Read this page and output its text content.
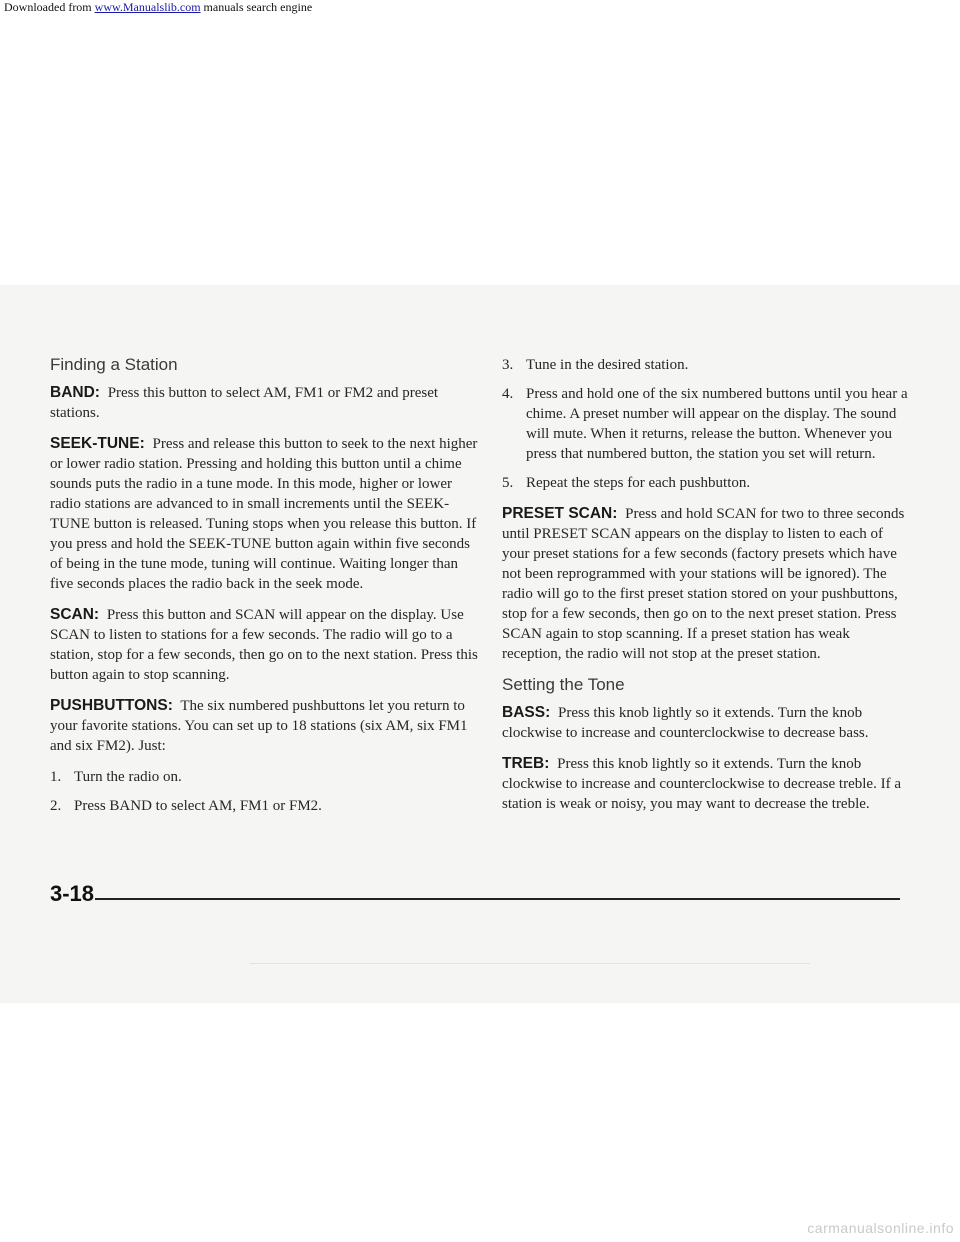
Downloaded from www.Manualslib.com manuals search engine
Finding a Station

BAND: Press this button to select AM, FM1 or FM2 and preset stations.

SEEK-TUNE: Press and release this button to seek to the next higher or lower radio station. Pressing and holding this button until a chime sounds puts the radio in a tune mode. In this mode, higher or lower radio stations are advanced to in small increments until the SEEK-TUNE button is released. Tuning stops when you release this button. If you press and hold the SEEK-TUNE button again within five seconds of being in the tune mode, tuning will continue. Waiting longer than five seconds places the radio back in the seek mode.

SCAN: Press this button and SCAN will appear on the display. Use SCAN to listen to stations for a few seconds. The radio will go to a station, stop for a few seconds, then go on to the next station. Press this button again to stop scanning.

PUSHBUTTONS: The six numbered pushbuttons let you return to your favorite stations. You can set up to 18 stations (six AM, six FM1 and six FM2). Just:

1. Turn the radio on.
2. Press BAND to select AM, FM1 or FM2.
3. Tune in the desired station.
4. Press and hold one of the six numbered buttons until you hear a chime. A preset number will appear on the display. The sound will mute. When it returns, release the button. Whenever you press that numbered button, the station you set will return.
5. Repeat the steps for each pushbutton.

PRESET SCAN: Press and hold SCAN for two to three seconds until PRESET SCAN appears on the display to listen to each of your preset stations for a few seconds (factory presets which have not been reprogrammed with your stations will be ignored). The radio will go to the first preset station stored on your pushbuttons, stop for a few seconds, then go on to the next preset station. Press SCAN again to stop scanning. If a preset station has weak reception, the radio will not stop at the preset station.

Setting the Tone

BASS: Press this knob lightly so it extends. Turn the knob clockwise to increase and counterclockwise to decrease bass.

TREB: Press this knob lightly so it extends. Turn the knob clockwise to increase and counterclockwise to decrease treble. If a station is weak or noisy, you may want to decrease the treble.

3-18
carmanualsonline.info
